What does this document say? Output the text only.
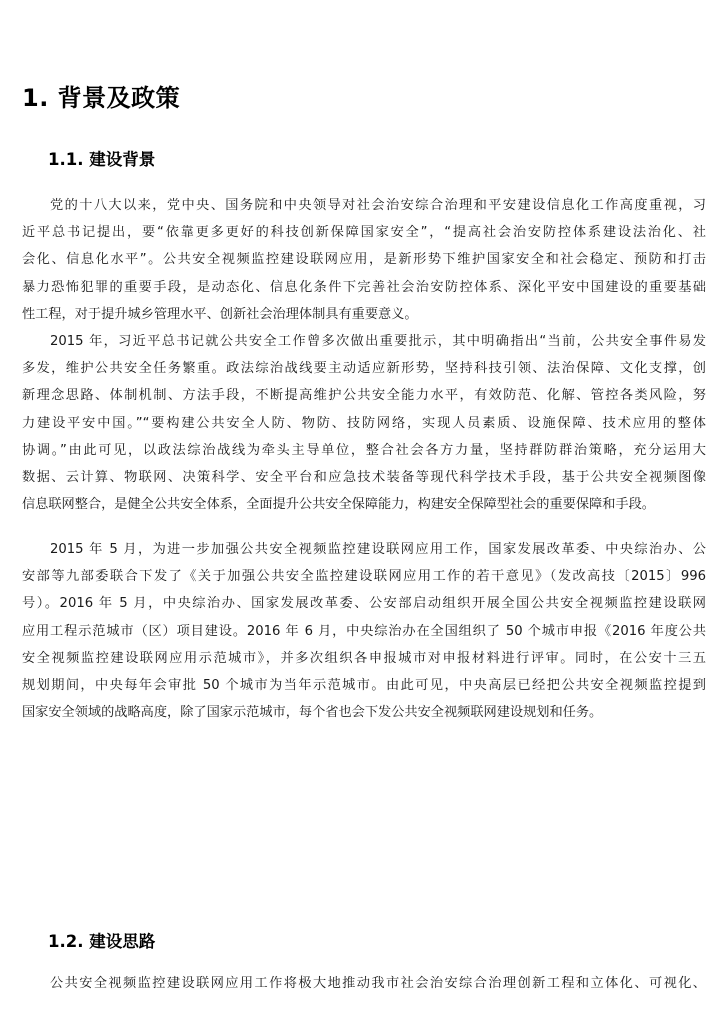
1. 背景及政策
1.1. 建设背景
党的十八大以来，党中央、国务院和中央领导对社会治安综合治理和平安建设信息化工作高度重视，习
近平总书记提出，要“依靠更多更好的科技创新保障国家安全”，“提高社会治安防控体系建设法治化、社
会化、信息化水平”。公共安全视频监控建设联网应用，是新形势下维护国家安全和社会稳定、预防和打击
暴力恐怖犯罪的重要手段，是动态化、信息化条件下完善社会治安防控体系、深化平安中国建设的重要基础
性工程，对于提升城乡管理水平、创新社会治理体制具有重要意义。
2015 年，习近平总书记就公共安全工作曾多次做出重要批示，其中明确指出“当前，公共安全事件易发
多发，维护公共安全任务繁重。政法综治战线要主动适应新形势，坚持科技引领、法治保障、文化支撑，创
新理念思路、体制机制、方法手段，不断提高维护公共安全能力水平，有效防范、化解、管控各类风险，努
力建设平安中国。”“要构建公共安全人防、物防、技防网络，实现人员素质、设施保障、技术应用的整体
协调。”由此可见，以政法综治战线为牵头主导单位，整合社会各方力量，坚持群防群治策略，充分运用大
数据、云计算、物联网、决策科学、安全平台和应急技术装备等现代科学技术手段，基于公共安全视频图像
信息联网整合，是健全公共安全体系，全面提升公共安全保障能力，构建安全保障型社会的重要保障和手段。
2015 年 5 月，为进一步加强公共安全视频监控建设联网应用工作，国家发展改革委、中央综治办、公
安部等九部委联合下发了《关于加强公共安全监控建设联网应用工作的若干意见》（发改高技〔2015〕996
号）。2016 年 5 月，中央综治办、国家发展改革委、公安部启动组织开展全国公共安全视频监控建设联网
应用工程示范城市（区）项目建设。2016 年 6 月，中央综治办在全国组织了 50 个城市申报《2016 年度公共
安全视频监控建设联网应用示范城市》，并多次组织各申报城市对申报材料进行评审。同时，在公安十三五
规划期间，中央每年会审批 50 个城市为当年示范城市。由此可见，中央高层已经把公共安全视频监控提到
国家安全领域的战略高度，除了国家示范城市，每个省也会下发公共安全视频联网建设规划和任务。
1.2. 建设思路
公共安全视频监控建设联网应用工作将极大地推动我市社会治安综合治理创新工程和立体化、可视化、
